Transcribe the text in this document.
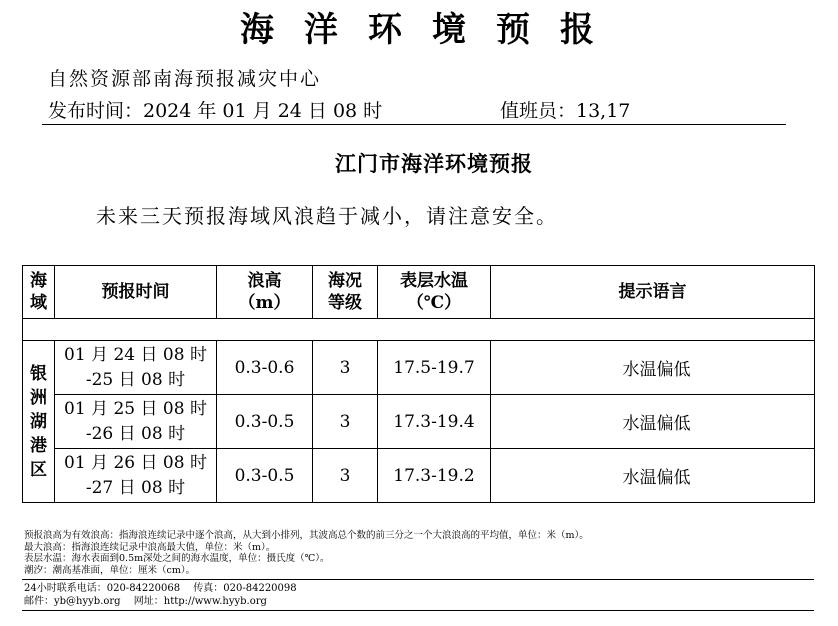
海洋环境预报
自然资源部南海预报减灾中心
发布时间：2024 年 01 月 24 日 08 时	值班员：13,17
江门市海洋环境预报
未来三天预报海域风浪趋于减小，请注意安全。
海域	预报时间	浪高（m）	海况等级	表层水温（℃）	提示语言

银洲湖港区	01 月 24 日 08 时
-25 日 08 时	0.3-0.6	3	17.5-19.7	水温偏低

	01 月 25 日 08 时
-26 日 08 时	0.3-0.5	3	17.3-19.4	水温偏低

	01 月 26 日 08 时
-27 日 08 时	0.3-0.5	3	17.3-19.2	水温偏低
预报浪高为有效浪高：指海浪连续记录中逐个浪高，从大到小排列，其波高总个数的前三分之一个大浪浪高的平均值，单位：米（m）。
最大浪高：指海浪连续记录中浪高最大值，单位：米（m）。
表层水温：海水表面到0.5m深处之间的海水温度，单位：摄氏度（℃）。
潮汐：潮高基准面，单位：厘米（cm）。
24小时联系电话：020-84220068　 传真：020-84220098
邮件：yb@hyyb.org　 网址：http://www.hyyb.org
